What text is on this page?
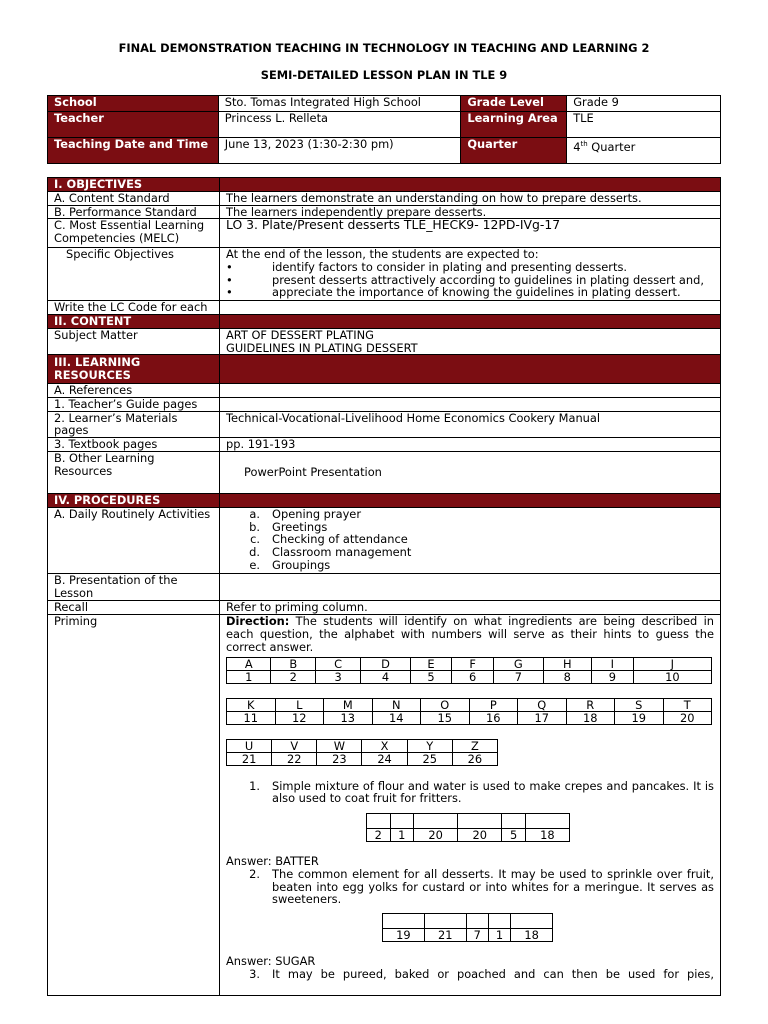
FINAL DEMONSTRATION TEACHING IN TECHNOLOGY IN TEACHING AND LEARNING 2
SEMI-DETAILED LESSON PLAN IN TLE 9
School	Sto. Tomas Integrated High School	Grade Level	Grade 9
Teacher	Princess L. Relleta	Learning Area	TLE
Teaching Date and Time	June 13, 2023 (1:30-2:30 pm)	Quarter	4th Quarter
I. OBJECTIVES	
A. Content Standard	The learners demonstrate an understanding on how to prepare desserts.
B. Performance Standard	The learners independently prepare desserts.
C. Most Essential Learning Competencies (MELC)	LO 3. Plate/Present desserts TLE_HECK9- 12PD-IVg-17

Specific Objectives	At the end of the lesson, the students are expected to:
•	identify factors to consider in plating and presenting desserts.
•	present desserts attractively according to guidelines in plating dessert and,
•	appreciate the importance of knowing the guidelines in plating dessert.

Write the LC Code for each	
II. CONTENT	
Subject Matter	ART OF DESSERT PLATING
GUIDELINES IN PLATING DESSERT

III. LEARNING RESOURCES	
A. References	
1. Teacher’s Guide pages	
2. Learner’s Materials pages	Technical-Vocational-Livelihood Home Economics Cookery Manual
3. Textbook pages	pp. 191-193
B. Other Learning Resources	PowerPoint Presentation
IV. PROCEDURES	
A. Daily Routinely Activities	a.	Opening prayer
b.	Greetings
c.	Checking of attendance
d.	Classroom management
e.	Groupings

B. Presentation of the Lesson	
Recall	Refer to priming column.
Priming	Direction: The students will identify on what ingredients are being described in each question, the alphabet with numbers will serve as their hints to guess the correct answer.
A	B	C	D	E	F	G	H	I	J
1	2	3	4	5	6	7	8	9	10
K	L	M	N	O	P	Q	R	S	T
11	12	13	14	15	16	17	18	19	20
U	V	W	X	Y	Z
21	22	23	24	25	26
1.	Simple mixture of flour and water is used to make crepes and pancakes. It is also used to coat fruit for fritters.

2	1	20	20	5	18
Answer: BATTER
2.	The common element for all desserts. It may be used to sprinkle over fruit, beaten into egg yolks for custard or into whites for a meringue. It serves as sweeteners.

19	21	7	1	18
Answer: SUGAR
3.	It may be pureed, baked or poached and can then be used for pies,
